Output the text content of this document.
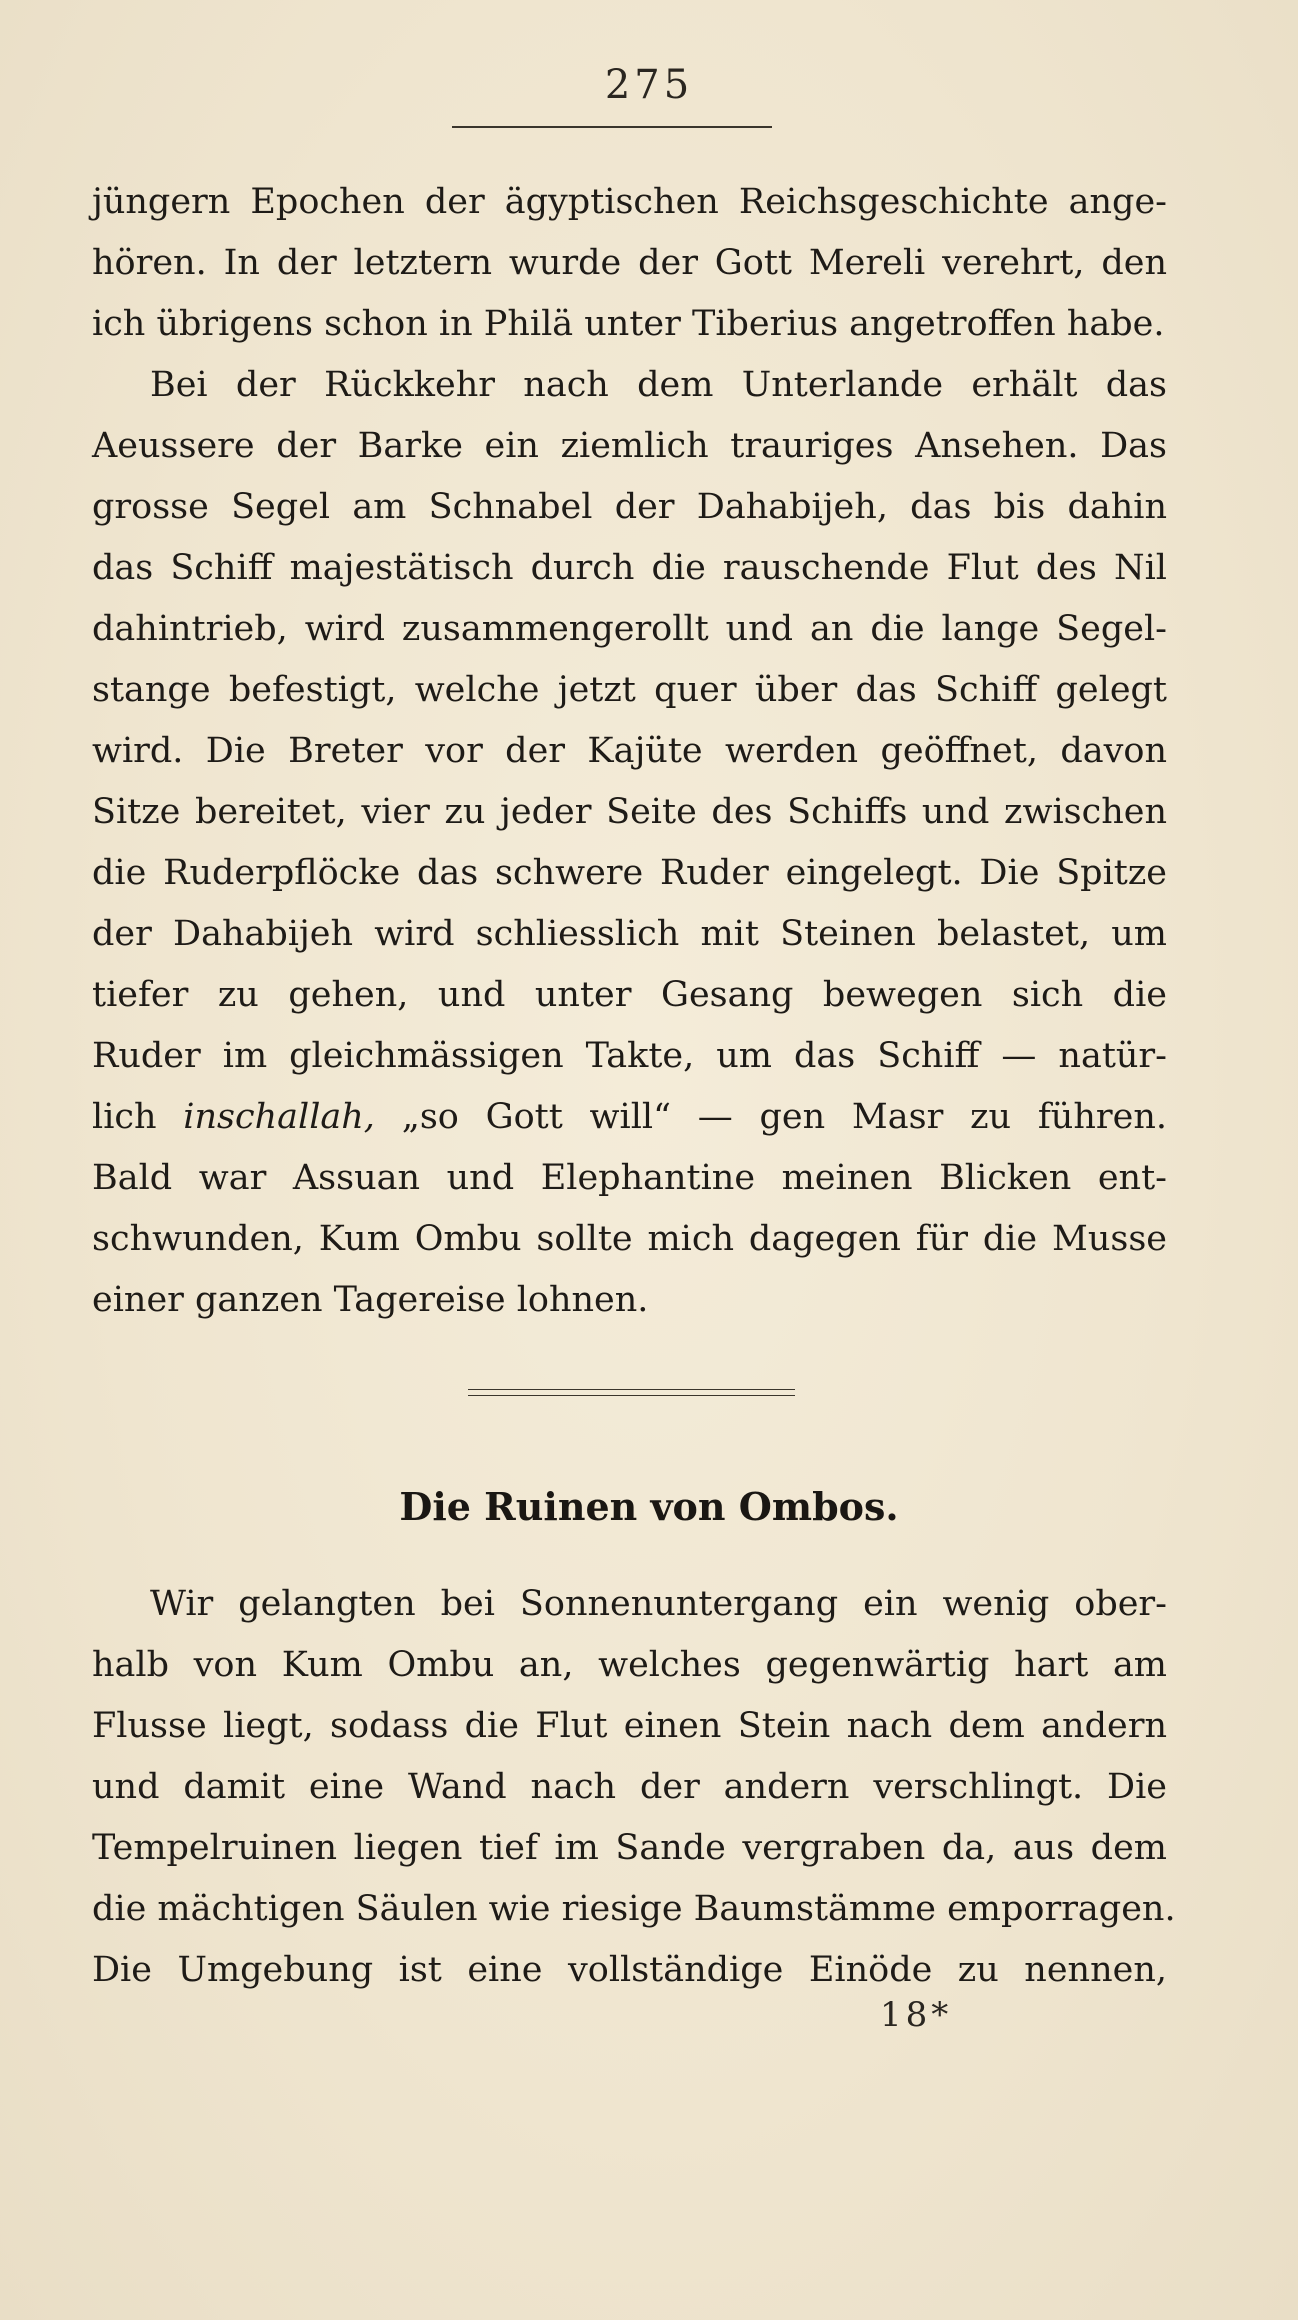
275
jüngern Epochen der ägyptischen Reichsgeschichte ange-
hören. In der letztern wurde der Gott Mereli verehrt, den
ich übrigens schon in Philä unter Tiberius angetroffen habe.
Bei der Rückkehr nach dem Unterlande erhält das
Aeussere der Barke ein ziemlich trauriges Ansehen. Das
grosse Segel am Schnabel der Dahabijeh, das bis dahin
das Schiff majestätisch durch die rauschende Flut des Nil
dahintrieb, wird zusammengerollt und an die lange Segel-
stange befestigt, welche jetzt quer über das Schiff gelegt
wird. Die Breter vor der Kajüte werden geöffnet, davon
Sitze bereitet, vier zu jeder Seite des Schiffs und zwischen
die Ruderpflöcke das schwere Ruder eingelegt. Die Spitze
der Dahabijeh wird schliesslich mit Steinen belastet, um
tiefer zu gehen, und unter Gesang bewegen sich die
Ruder im gleichmässigen Takte, um das Schiff — natür-
lich inschallah, „so Gott will“ — gen Masr zu führen.
Bald war Assuan und Elephantine meinen Blicken ent-
schwunden, Kum Ombu sollte mich dagegen für die Musse
einer ganzen Tagereise lohnen.
Die Ruinen von Ombos.
Wir gelangten bei Sonnenuntergang ein wenig ober-
halb von Kum Ombu an, welches gegenwärtig hart am
Flusse liegt, sodass die Flut einen Stein nach dem andern
und damit eine Wand nach der andern verschlingt. Die
Tempelruinen liegen tief im Sande vergraben da, aus dem
die mächtigen Säulen wie riesige Baumstämme emporragen.
Die Umgebung ist eine vollständige Einöde zu nennen,
18*
